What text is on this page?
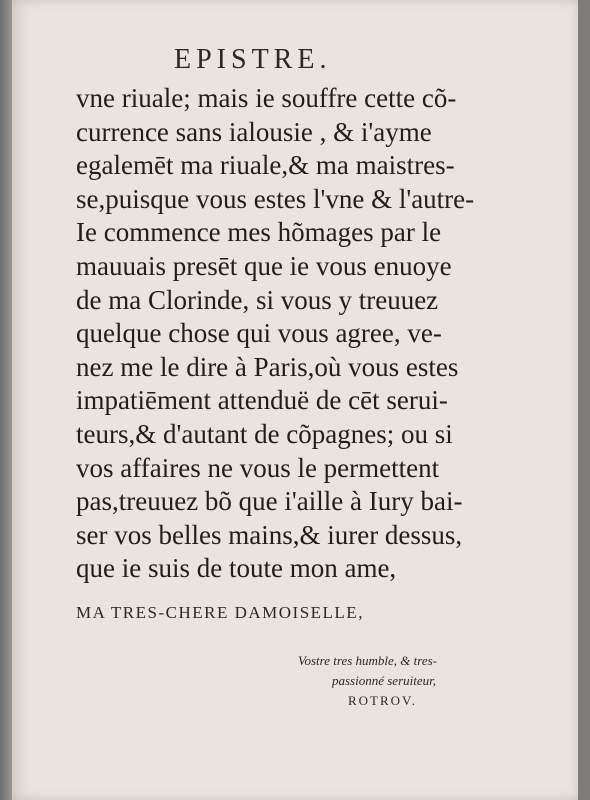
EPISTRE.
vne riuale; mais ie souffre cette cõ-
currence sans ialousie , & i'ayme
egalemēt ma riuale,& ma maistres-
se,puisque vous estes l'vne & l'autre-
Ie commence mes hõmages par le
mauuais presēt que ie vous enuoye
de ma Clorinde, si vous y treuuez
quelque chose qui vous agree, ve-
nez me le dire à Paris,où vous estes
impatiēment attenduë de cēt serui-
teurs,& d'autant de cõpagnes; ou si
vos affaires ne vous le permettent
pas,treuuez bõ que i'aille à Iury bai-
ser vos belles mains,& iurer dessus,
que ie suis de toute mon ame,
MA TRES-CHERE DAMOISELLE,
Vostre tres humble, & tres-
passionné seruiteur,
ROTROV.
